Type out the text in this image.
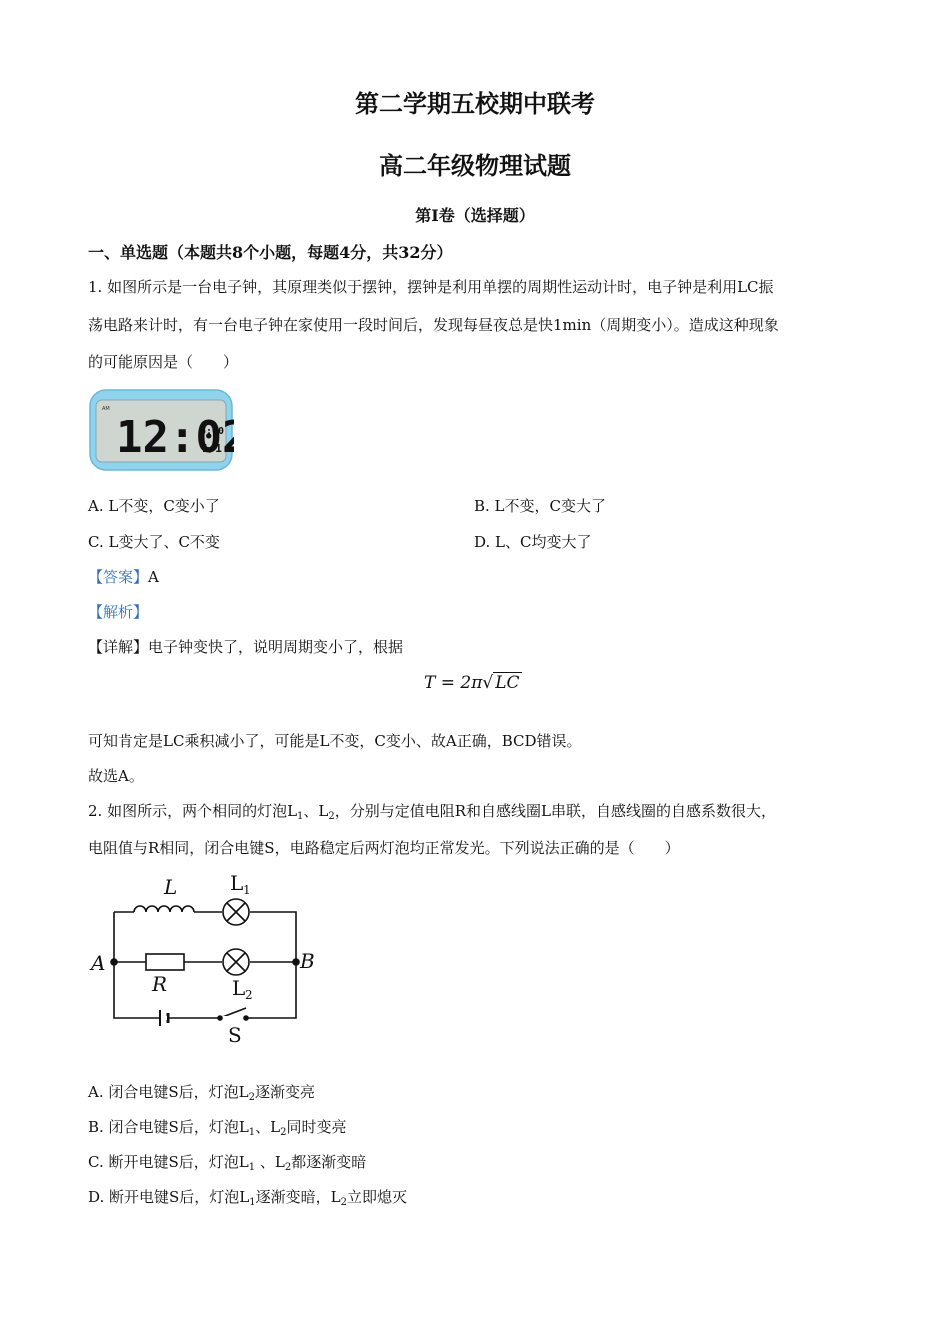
第二学期五校期中联考
高二年级物理试题
第Ⅰ卷（选择题）
一、单选题（本题共8个小题，每题4分，共32分）
1. 如图所示是一台电子钟，其原理类似于摆钟，摆钟是利用单摆的周期性运动计时，电子钟是利用LC振
荡电路来计时，有一台电子钟在家使用一段时间后，发现每昼夜总是快1min（周期变小）。造成这种现象
的可能原因是（　　）
AM
12:0
6:00
1/1
A. L不变，C变小了	B. L不变，C变大了
C. L变大了、C不变	D. L、C均变大了
【答案】A
【解析】
【详解】电子钟变快了，说明周期变小了，根据
T = 2π√ LC
可知肯定是LC乘积减小了，可能是L不变，C变小、故A正确，BCD错误。
故选A。
2. 如图所示，两个相同的灯泡$L_1$、$L_2$，分别与定值电阻R和自感线圈L串联，自感线圈的自感系数很大，
电阻值与R相同，闭合电键S，电路稳定后两灯泡均正常发光。下列说法正确的是（　　）
L	L 1
L 2
R
A	B
S
A. 闭合电键S后，灯泡$L_2$逐渐变亮
B. 闭合电键S后，灯泡$L_1$、$L_2$同时变亮
C. 断开电键S后，灯泡$L_1$ 、$L_2$都逐渐变暗
D. 断开电键S后，灯泡$L_1$逐渐变暗，$L_2$立即熄灭
